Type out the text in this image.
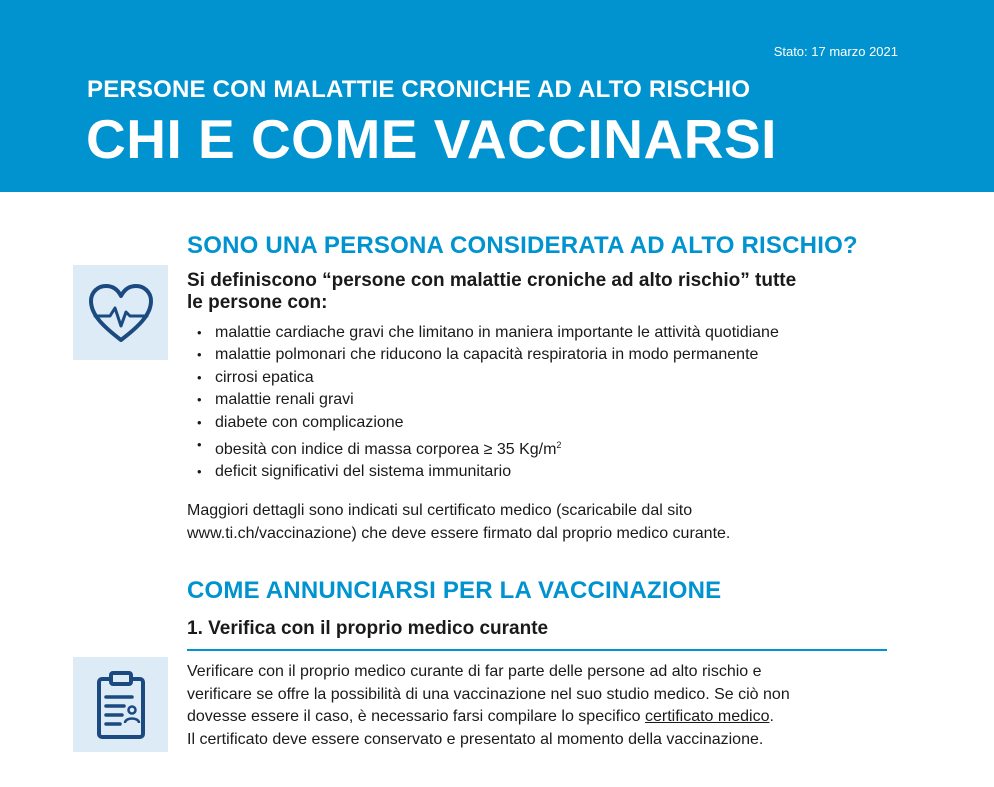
Stato: 17 marzo 2021
PERSONE CON MALATTIE CRONICHE AD ALTO RISCHIO
CHI E COME VACCINARSI
SONO UNA PERSONA CONSIDERATA AD ALTO RISCHIO?
Si definiscono “persone con malattie croniche ad alto rischio” tutte
le persone con:
• malattie cardiache gravi che limitano in maniera importante le attività quotidiane
• malattie polmonari che riducono la capacità respiratoria in modo permanente
• cirrosi epatica
• malattie renali gravi
• diabete con complicazione
• obesità con indice di massa corporea ≥ 35 $Kg/m^2$
• deficit significativi del sistema immunitario
Maggiori dettagli sono indicati sul certificato medico (scaricabile dal sito
www.ti.ch/vaccinazione) che deve essere firmato dal proprio medico curante.
COME ANNUNCIARSI PER LA VACCINAZIONE
1. Verifica con il proprio medico curante
Verificare con il proprio medico curante di far parte delle persone ad alto rischio e
verificare se offre la possibilità di una vaccinazione nel suo studio medico. Se ciò non
dovesse essere il caso, è necessario farsi compilare lo specifico certificato medico.
Il certificato deve essere conservato e presentato al momento della vaccinazione.
